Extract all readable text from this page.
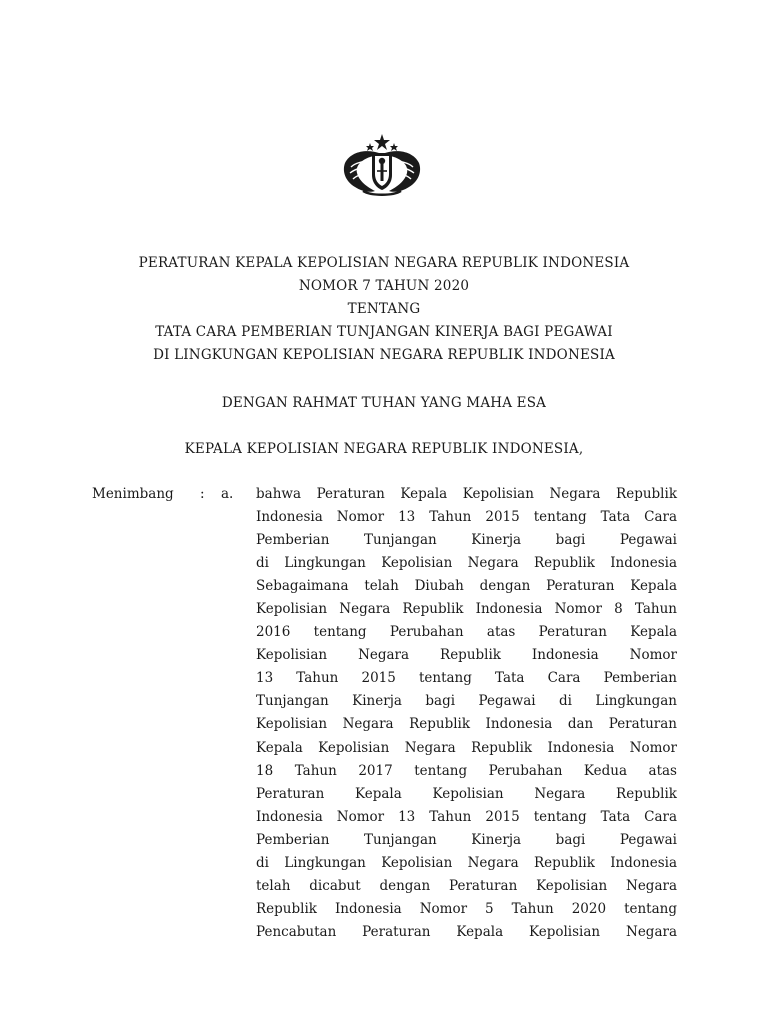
PERATURAN KEPALA KEPOLISIAN NEGARA REPUBLIK INDONESIA
NOMOR 7 TAHUN 2020
TENTANG
TATA CARA PEMBERIAN TUNJANGAN KINERJA BAGI PEGAWAI
DI LINGKUNGAN KEPOLISIAN NEGARA REPUBLIK INDONESIA
DENGAN RAHMAT TUHAN YANG MAHA ESA
KEPALA KEPOLISIAN NEGARA REPUBLIK INDONESIA,
Menimbang : a. bahwa Peraturan Kepala Kepolisian Negara Republik
Indonesia Nomor 13 Tahun 2015 tentang Tata Cara
Pemberian Tunjangan Kinerja bagi Pegawai
di Lingkungan Kepolisian Negara Republik Indonesia
Sebagaimana telah Diubah dengan Peraturan Kepala
Kepolisian Negara Republik Indonesia Nomor 8 Tahun
2016 tentang Perubahan atas Peraturan Kepala
Kepolisian Negara Republik Indonesia Nomor
13 Tahun 2015 tentang Tata Cara Pemberian
Tunjangan Kinerja bagi Pegawai di Lingkungan
Kepolisian Negara Republik Indonesia dan Peraturan
Kepala Kepolisian Negara Republik Indonesia Nomor
18 Tahun 2017 tentang Perubahan Kedua atas
Peraturan Kepala Kepolisian Negara Republik
Indonesia Nomor 13 Tahun 2015 tentang Tata Cara
Pemberian Tunjangan Kinerja bagi Pegawai
di Lingkungan Kepolisian Negara Republik Indonesia
telah dicabut dengan Peraturan Kepolisian Negara
Republik Indonesia Nomor 5 Tahun 2020 tentang
Pencabutan Peraturan Kepala Kepolisian Negara
